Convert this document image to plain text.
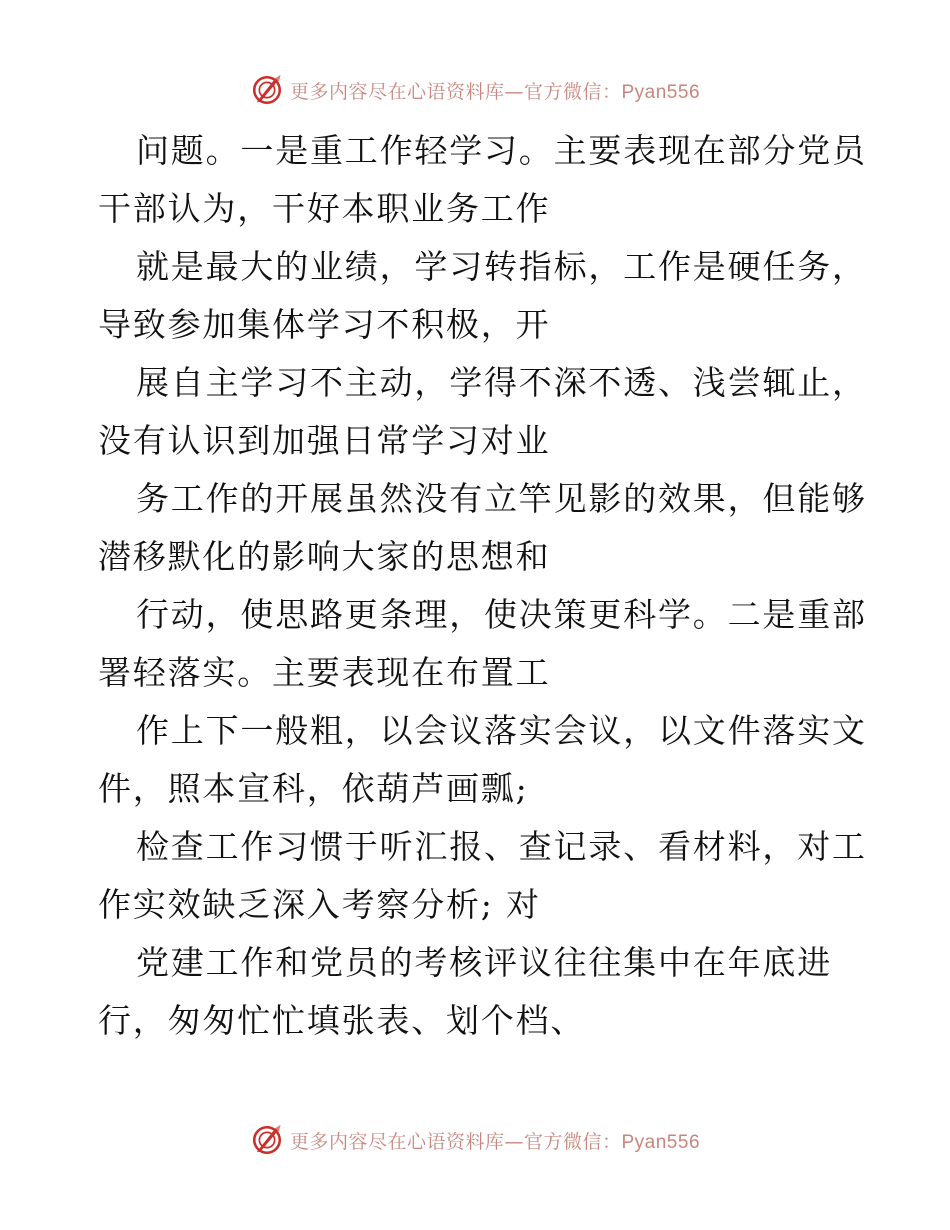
更多内容尽在心语资料库—官方微信：Pyan556
问题。一是重工作轻学习。主要表现在部分党员
干部认为，干好本职业务工作
就是最大的业绩，学习转指标，工作是硬任务，
导致参加集体学习不积极，开
展自主学习不主动，学得不深不透、浅尝辄止，
没有认识到加强日常学习对业
务工作的开展虽然没有立竿见影的效果，但能够
潜移默化的影响大家的思想和
行动，使思路更条理，使决策更科学。二是重部
署轻落实。主要表现在布置工
作上下一般粗，以会议落实会议，以文件落实文
件，照本宣科，依葫芦画瓢;
检查工作习惯于听汇报、查记录、看材料，对工
作实效缺乏深入考察分析; 对
党建工作和党员的考核评议往往集中在年底进
行，匆匆忙忙填张表、划个档、
更多内容尽在心语资料库—官方微信：Pyan556
